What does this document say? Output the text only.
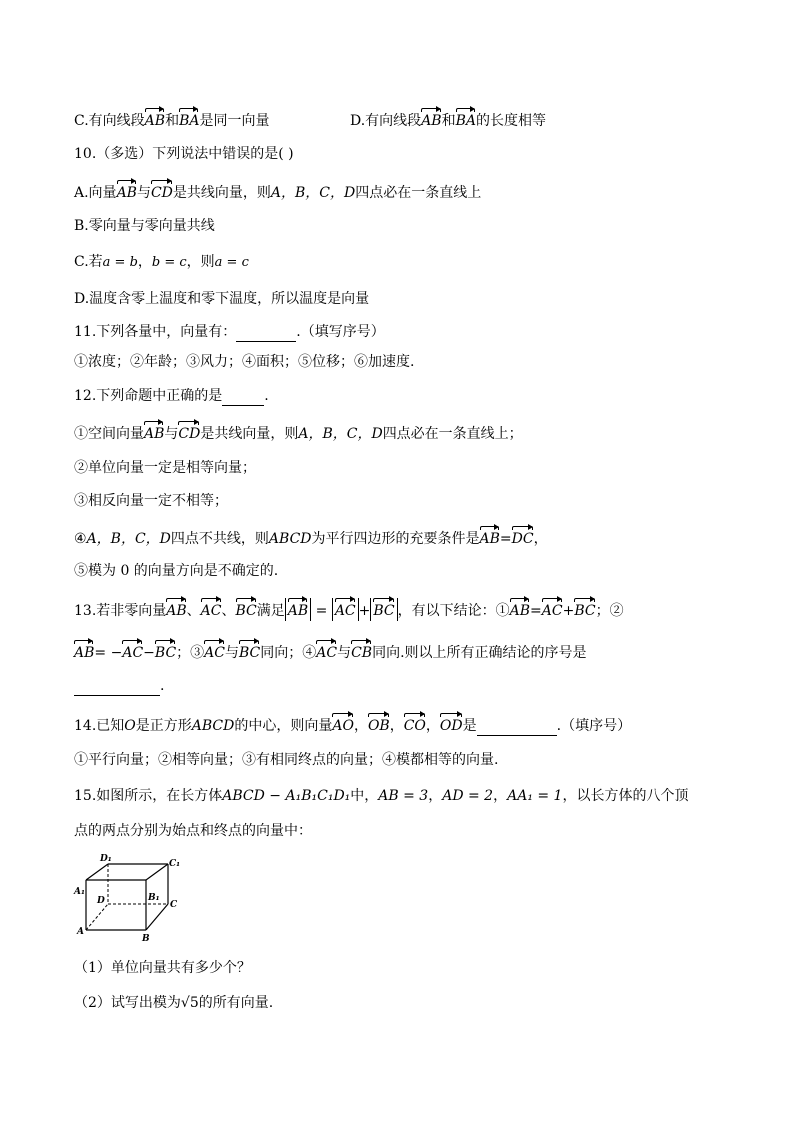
C.有向线段AB和BA是同一向量	D.有向线段AB和BA的长度相等
10.（多选）下列说法中错误的是( )
A.向量AB与CD是共线向量，则A，B，C，D四点必在一条直线上
B.零向量与零向量共线
C.若a = b，b = c，则a = c
D.温度含零上温度和零下温度，所以温度是向量
11.下列各量中，向量有：	.（填写序号）
①浓度；②年龄；③风力；④面积；⑤位移；⑥加速度.
12.下列命题中正确的是	.
①空间向量AB与CD是共线向量，则A，B，C，D四点必在一条直线上；
②单位向量一定是相等向量；
③相反向量一定不相等；
④A，B，C，D四点不共线，则ABCD为平行四边形的充要条件是AB=DC，
⑤模为 0 的向量方向是不确定的.
13.若非零向量AB、AC、BC满足 AB = AC + BC ，有以下结论：①AB=AC+BC；②
AB= −AC−BC；③AC与BC同向；④AC与CB同向.则以上所有正确结论的序号是
.
14.已知O是正方形ABCD的中心，则向量AO，OB，CO，OD是	.（填序号）
①平行向量；②相等向量；③有相同终点的向量；④模都相等的向量.
15.如图所示，在长方体ABCD − A₁B₁C₁D₁中，AB = 3，AD = 2，AA₁ = 1，以长方体的八个顶
点的两点分别为始点和终点的向量中：
D₁	C₁
A₁
D	B₁
C
A
B
（1）单位向量共有多少个？
（2）试写出模为√5的所有向量.
